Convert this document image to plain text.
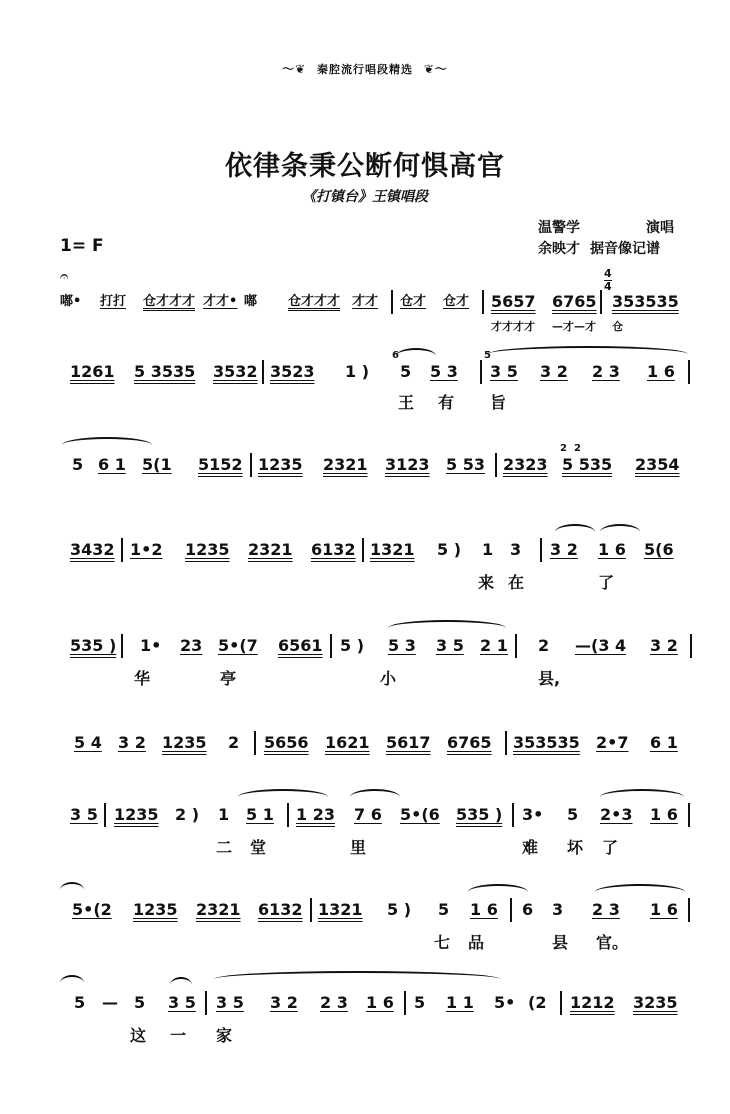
〜❦ 秦腔流行唱段精选 ❦〜
依律条秉公断何惧高官
《打镇台》王镇唱段
温警学	演唱
余映才 据音像记谱
1= F
𝄐
嘟• 打打 仓才才才 才才• 嘟 仓才才才 才才 仓才 仓才 5657 6765
4
4
353535
才才才才 —才—才 仓
1261 5 3535 3532 3523 1 )
6
5 5 3
5
3 5 3 2 2 3 1 6
王 有 旨
5 6 1 5(1 5152 1235 2321 3123 5 53 2323
2 2
5 535 2354
3432 1•2 1235 2321 6132 1321 5 ) 1 3 3 2 1 6 5(6
来 在	了
535 ) 1• 23 5•(7 6561 5 ) 5 3 3 5 2 1 2 —(3 4 3 2
华	亭	小	县,
5 4 3 2 1235 2 5656 1621 5617 6765 353535 2•7 6 1
3 5 1235 2 ) 1 5 1 1 23 7 6 5•(6 535 ) 3• 5 2•3 1 6
二 堂	里	难 坏 了
5•(2 1235 2321 6132 1321 5 ) 5 1 6 6 3 2 3 1 6
七 品	县 官。
5 — 5 3 5 3 5 3 2 2 3 1 6 5 1 1 5• (2 1212 3235
这 一 家
